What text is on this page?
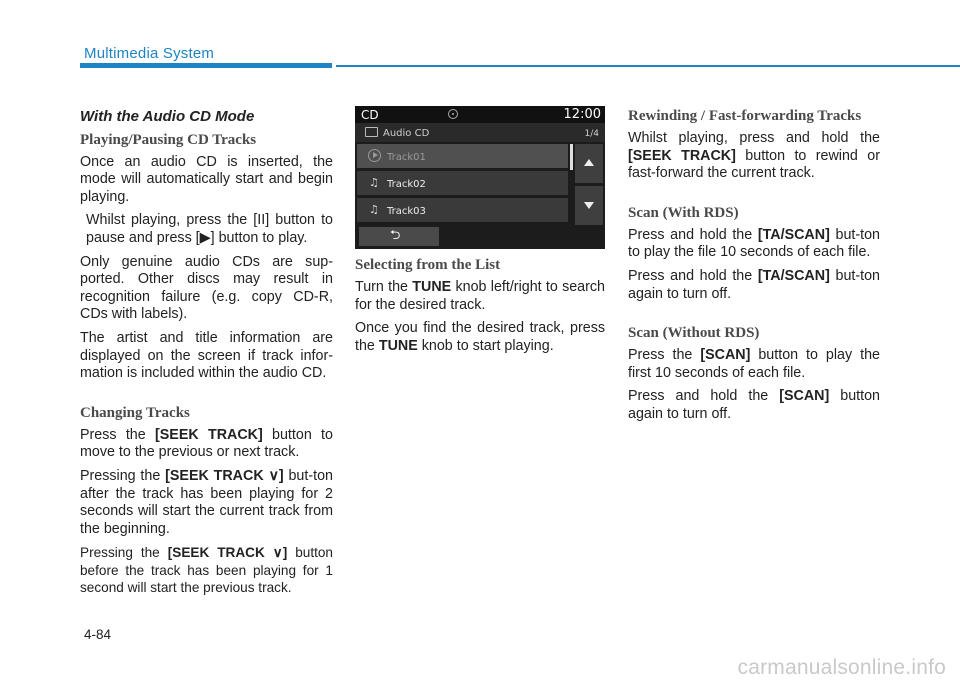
Multimedia System
With the Audio CD Mode
Playing/Pausing CD Tracks

Once an audio CD is inserted, the mode will automatically start and begin playing.

Whilst playing, press the [II] button to pause and press [▶] button to play.

Only genuine audio CDs are sup-ported. Other discs may result in recognition failure (e.g. copy CD-R, CDs with labels).

The artist and title information are displayed on the screen if track infor-mation is included within the audio CD.

Changing Tracks

Press the [SEEK TRACK] button to move to the previous or next track.

Pressing the [SEEK TRACK ∨] but-ton after the track has been playing for 2 seconds will start the current track from the beginning.

Pressing the [SEEK TRACK ∨] button before the track has been playing for 1 second will start the previous track.

CD	12:00
Audio CD	1/4
Track01
♫ Track02
♫ Track03
⮌
Selecting from the List

Turn the TUNE knob left/right to search for the desired track.

Once you find the desired track, press the TUNE knob to start playing.

Rewinding / Fast-forwarding Tracks

Whilst playing, press and hold the [SEEK TRACK] button to rewind or fast-forward the current track.

Scan (With RDS)

Press and hold the [TA/SCAN] but-ton to play the file 10 seconds of each file.

Press and hold the [TA/SCAN] but-ton again to turn off.

Scan (Without RDS)

Press the [SCAN] button to play the first 10 seconds of each file.

Press and hold the [SCAN] button again to turn off.

4-84
carmanualsonline.info
